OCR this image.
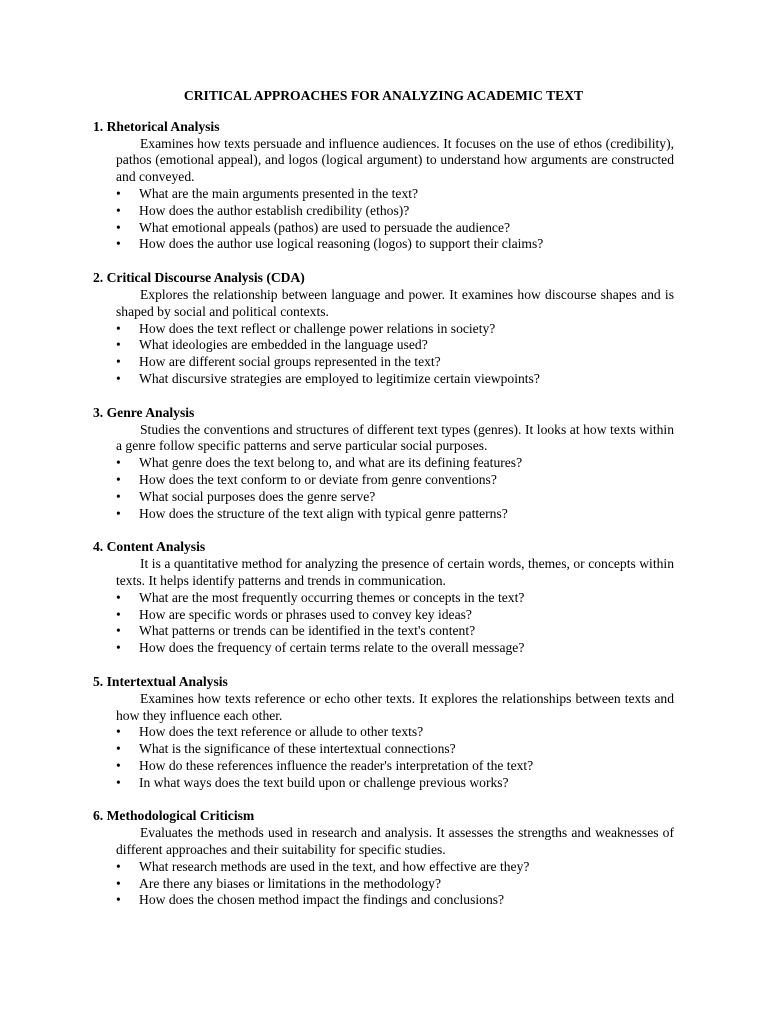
CRITICAL APPROACHES FOR ANALYZING ACADEMIC TEXT
1. Rhetorical Analysis
Examines how texts persuade and influence audiences. It focuses on the use of ethos (credibility), pathos (emotional appeal), and logos (logical argument) to understand how arguments are constructed and conveyed.
• What are the main arguments presented in the text?
• How does the author establish credibility (ethos)?
• What emotional appeals (pathos) are used to persuade the audience?
• How does the author use logical reasoning (logos) to support their claims?
2. Critical Discourse Analysis (CDA)
Explores the relationship between language and power. It examines how discourse shapes and is shaped by social and political contexts.
• How does the text reflect or challenge power relations in society?
• What ideologies are embedded in the language used?
• How are different social groups represented in the text?
• What discursive strategies are employed to legitimize certain viewpoints?
3. Genre Analysis
Studies the conventions and structures of different text types (genres). It looks at how texts within a genre follow specific patterns and serve particular social purposes.
• What genre does the text belong to, and what are its defining features?
• How does the text conform to or deviate from genre conventions?
• What social purposes does the genre serve?
• How does the structure of the text align with typical genre patterns?
4. Content Analysis
It is a quantitative method for analyzing the presence of certain words, themes, or concepts within texts. It helps identify patterns and trends in communication.
• What are the most frequently occurring themes or concepts in the text?
• How are specific words or phrases used to convey key ideas?
• What patterns or trends can be identified in the text's content?
• How does the frequency of certain terms relate to the overall message?
5. Intertextual Analysis
Examines how texts reference or echo other texts. It explores the relationships between texts and how they influence each other.
• How does the text reference or allude to other texts?
• What is the significance of these intertextual connections?
• How do these references influence the reader's interpretation of the text?
• In what ways does the text build upon or challenge previous works?
6. Methodological Criticism
Evaluates the methods used in research and analysis. It assesses the strengths and weaknesses of different approaches and their suitability for specific studies.
• What research methods are used in the text, and how effective are they?
• Are there any biases or limitations in the methodology?
• How does the chosen method impact the findings and conclusions?
